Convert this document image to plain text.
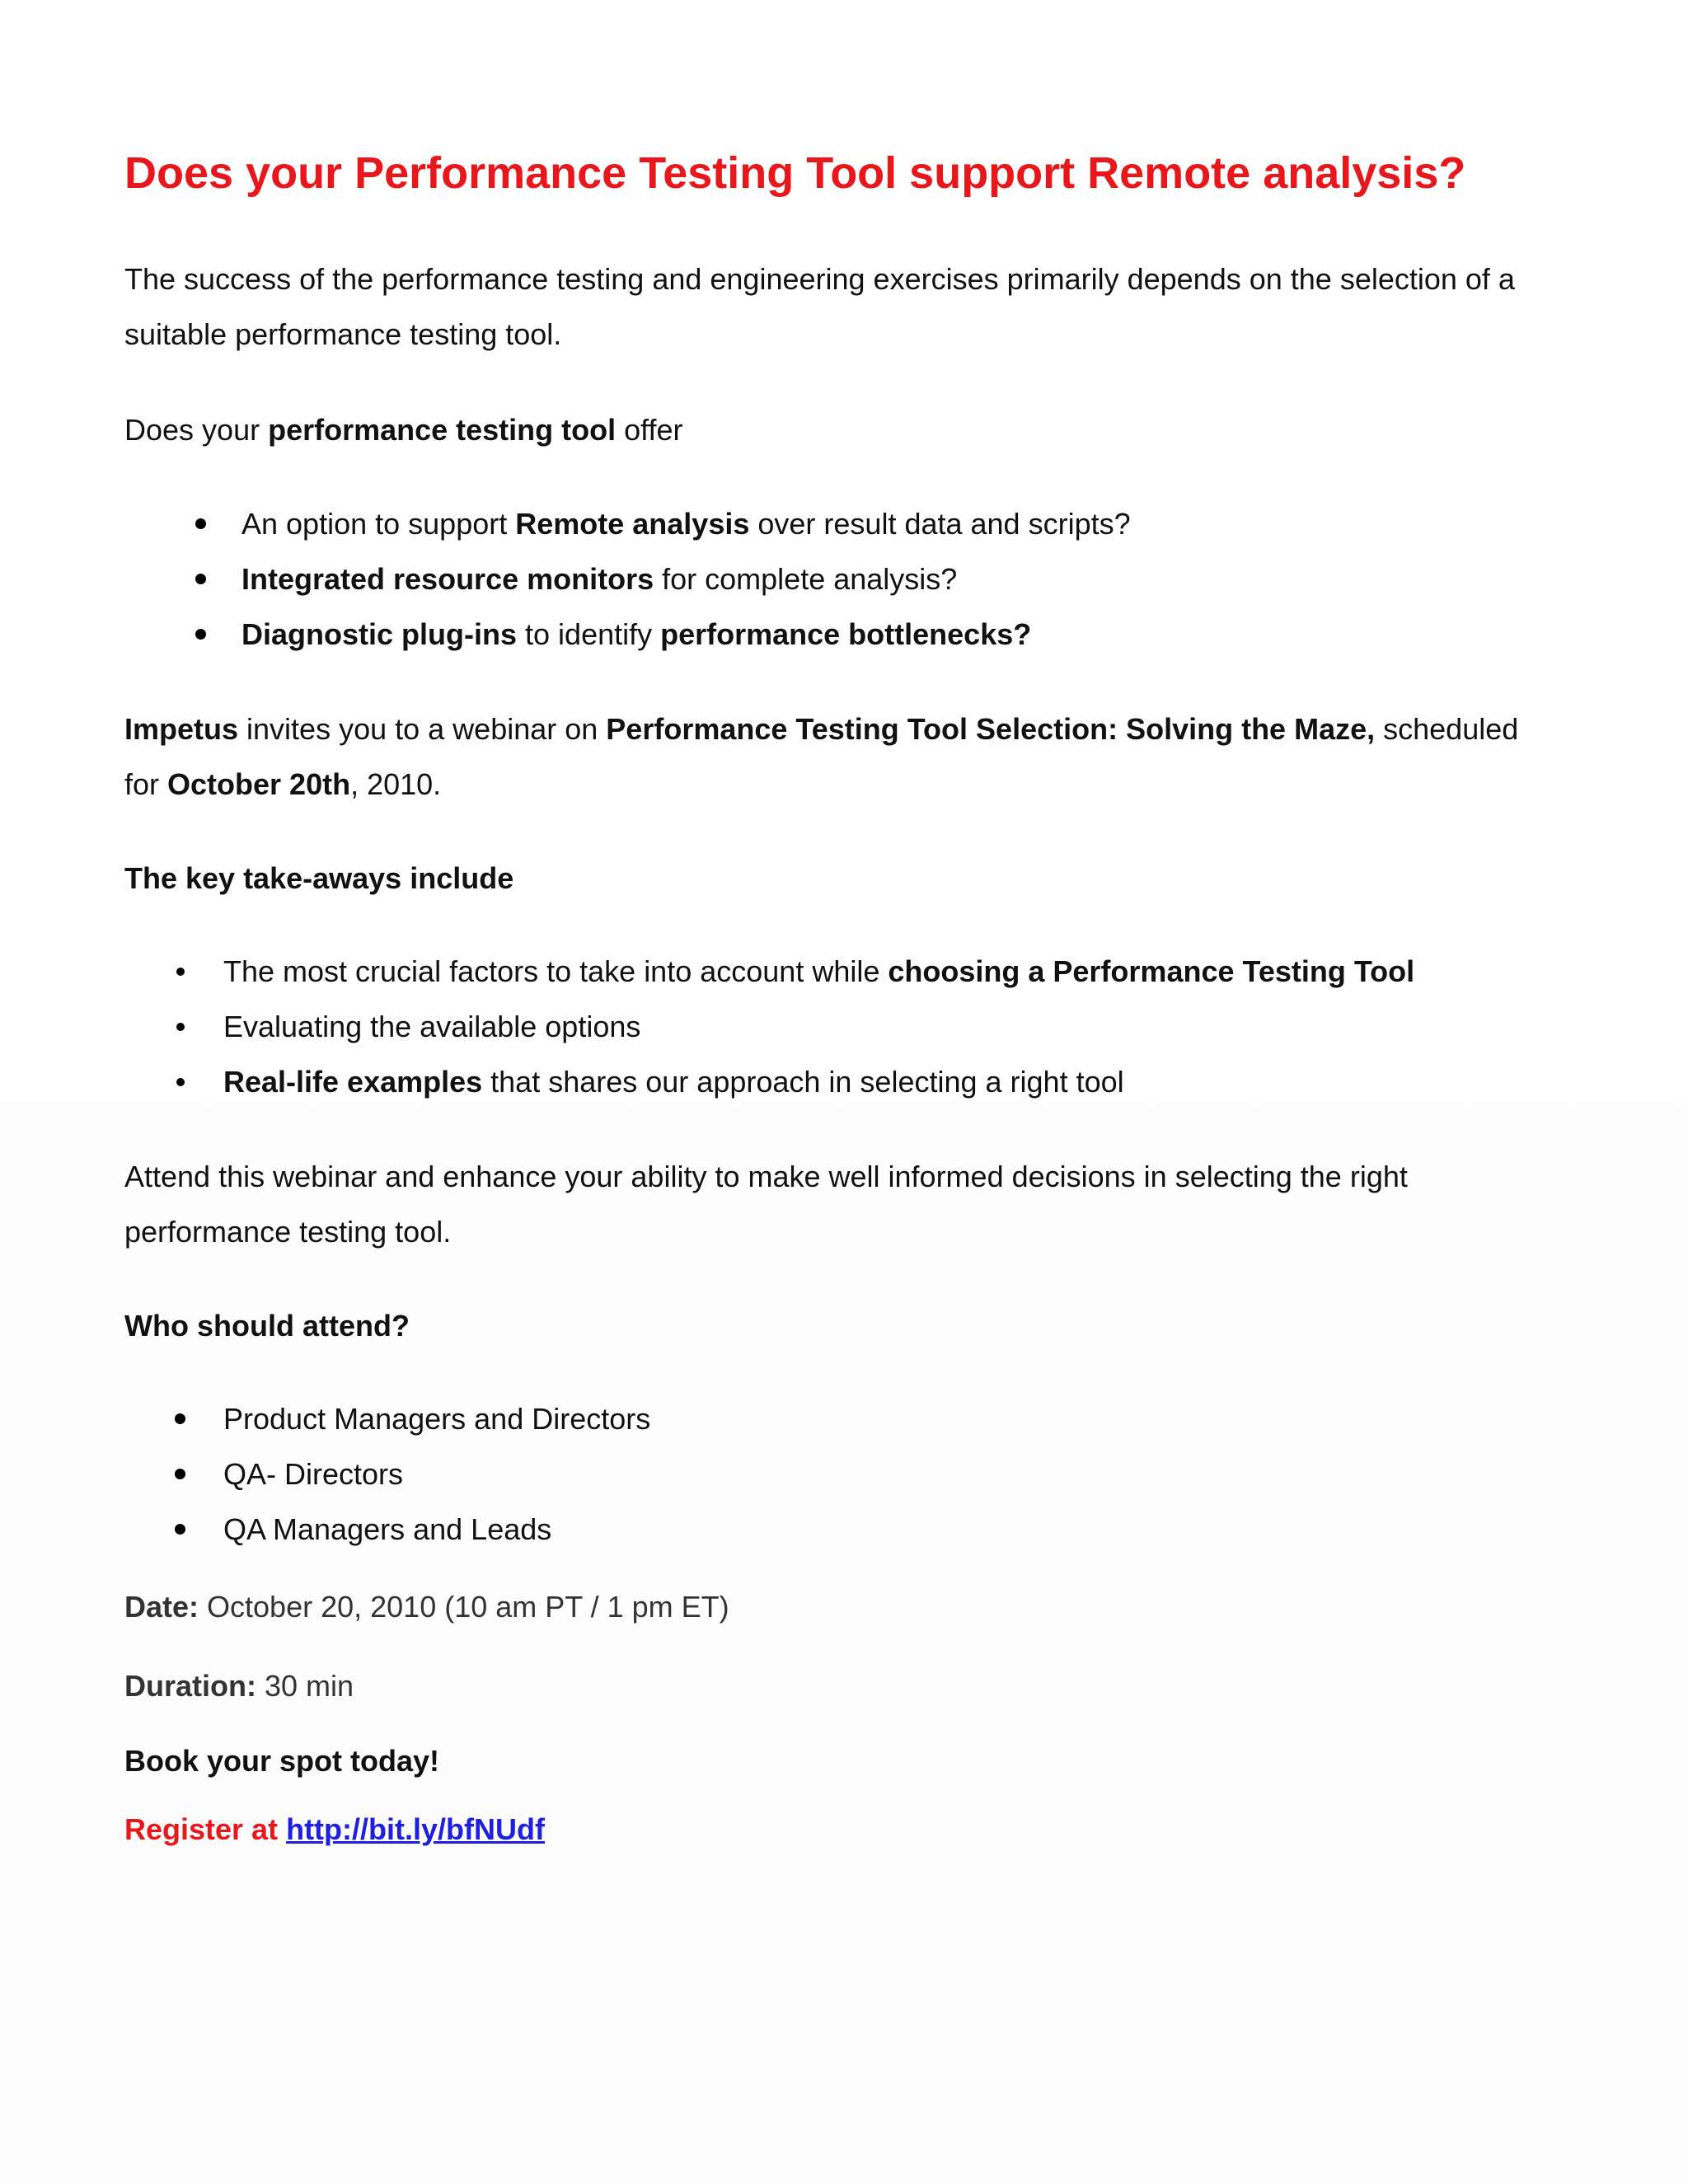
Does your Performance Testing Tool support Remote analysis?

The success of the performance testing and engineering exercises primarily depends on the selection of a suitable performance testing tool.

Does your performance testing tool offer

An option to support Remote analysis over result data and scripts?
Integrated resource monitors for complete analysis?
Diagnostic plug-ins to identify performance bottlenecks?

Impetus invites you to a webinar on Performance Testing Tool Selection: Solving the Maze, scheduled for October 20th, 2010.

The key take-aways include

The most crucial factors to take into account while choosing a Performance Testing Tool
Evaluating the available options
Real-life examples that shares our approach in selecting a right tool

Attend this webinar and enhance your ability to make well informed decisions in selecting the right performance testing tool.

Who should attend?

Product Managers and Directors
QA- Directors
QA Managers and Leads

Date: October 20, 2010 (10 am PT / 1 pm ET)

Duration: 30 min

Book your spot today!

Register at http://bit.ly/bfNUdf
